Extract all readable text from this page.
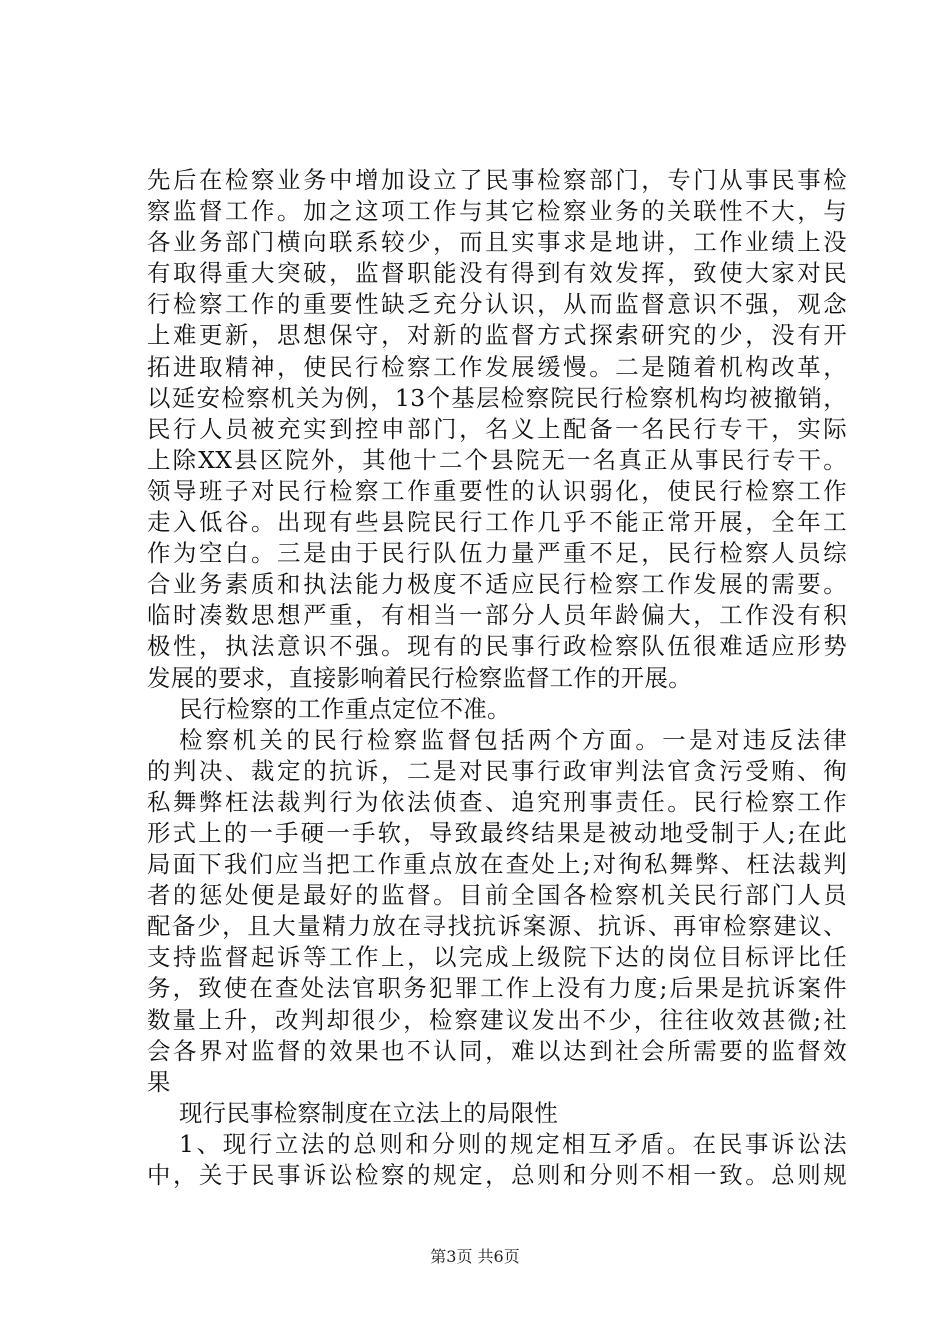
先后在检察业务中增加设立了民事检察部门，专门从事民事检
察监督工作。加之这项工作与其它检察业务的关联性不大，与
各业务部门横向联系较少，而且实事求是地讲，工作业绩上没
有取得重大突破，监督职能没有得到有效发挥，致使大家对民
行检察工作的重要性缺乏充分认识，从而监督意识不强，观念
上难更新，思想保守，对新的监督方式探索研究的少，没有开
拓进取精神，使民行检察工作发展缓慢。二是随着机构改革，
以延安检察机关为例，13个基层检察院民行检察机构均被撤销，
民行人员被充实到控申部门，名义上配备一名民行专干，实际
上除XX县区院外，其他十二个县院无一名真正从事民行专干。
领导班子对民行检察工作重要性的认识弱化，使民行检察工作
走入低谷。出现有些县院民行工作几乎不能正常开展，全年工
作为空白。三是由于民行队伍力量严重不足，民行检察人员综
合业务素质和执法能力极度不适应民行检察工作发展的需要。
临时凑数思想严重，有相当一部分人员年龄偏大，工作没有积
极性，执法意识不强。现有的民事行政检察队伍很难适应形势
发展的要求，直接影响着民行检察监督工作的开展。
民行检察的工作重点定位不准。
检察机关的民行检察监督包括两个方面。一是对违反法律
的判决、裁定的抗诉，二是对民事行政审判法官贪污受贿、徇
私舞弊枉法裁判行为依法侦查、追究刑事责任。民行检察工作
形式上的一手硬一手软，导致最终结果是被动地受制于人;在此
局面下我们应当把工作重点放在查处上;对徇私舞弊、枉法裁判
者的惩处便是最好的监督。目前全国各检察机关民行部门人员
配备少，且大量精力放在寻找抗诉案源、抗诉、再审检察建议、
支持监督起诉等工作上，以完成上级院下达的岗位目标评比任
务，致使在查处法官职务犯罪工作上没有力度;后果是抗诉案件
数量上升，改判却很少，检察建议发出不少，往往收效甚微;社
会各界对监督的效果也不认同，难以达到社会所需要的监督效
果
现行民事检察制度在立法上的局限性
1、现行立法的总则和分则的规定相互矛盾。在民事诉讼法
中，关于民事诉讼检察的规定，总则和分则不相一致。总则规
第3页 共6页
